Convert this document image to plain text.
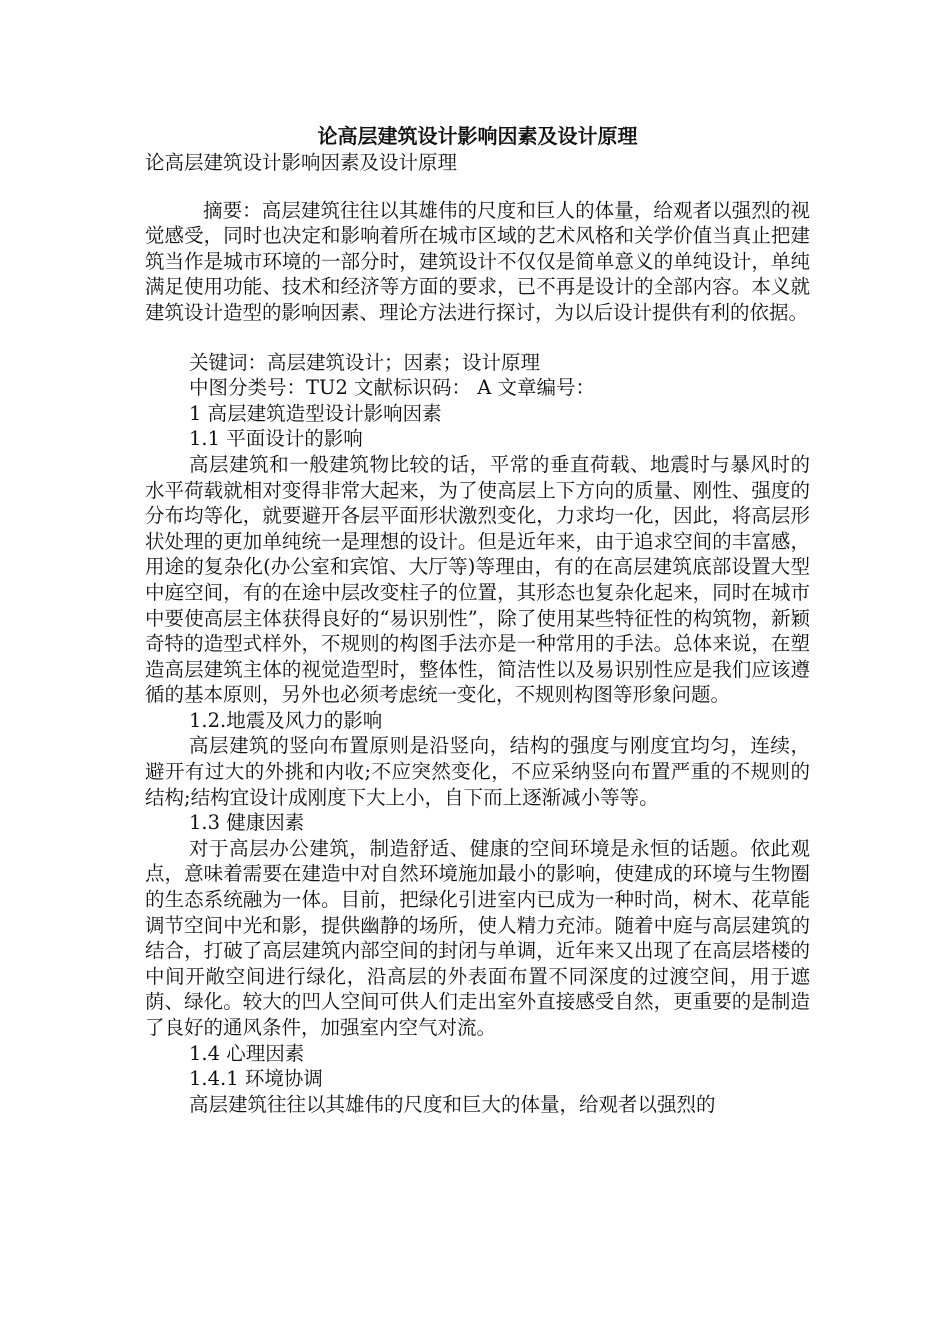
论高层建筑设计影响因素及设计原理

论高层建筑设计影响因素及设计原理

摘要：高层建筑往往以其雄伟的尺度和巨人的体量，给观者以强烈的视觉感受，同时也决定和影响着所在城市区域的艺术风格和关学价值当真止把建筑当作是城市环境的一部分时，建筑设计不仅仅是简单意义的单纯设计，单纯满足使用功能、技术和经济等方面的要求，已不再是设计的全部内容。本义就建筑设计造型的影响因素、理论方法进行探讨，为以后设计提供有利的依据。

关键词：高层建筑设计；因素；设计原理

中图分类号：TU2 文献标识码： A 文章编号：

1 高层建筑造型设计影响因素

1.1 平面设计的影响

高层建筑和一般建筑物比较的话，平常的垂直荷载、地震时与暴风时的水平荷载就相对变得非常大起来，为了使高层上下方向的质量、刚性、强度的分布均等化，就要避开各层平面形状激烈变化，力求均一化，因此，将高层形状处理的更加单纯统一是理想的设计。但是近年来，由于追求空间的丰富感，用途的复杂化(办公室和宾馆、大厅等)等理由，有的在高层建筑底部设置大型中庭空间，有的在途中层改变柱子的位置，其形态也复杂化起来，同时在城市中要使高层主体获得良好的“易识别性”，除了使用某些特征性的构筑物，新颖奇特的造型式样外，不规则的构图手法亦是一种常用的手法。总体来说，在塑造高层建筑主体的视觉造型时，整体性，简洁性以及易识别性应是我们应该遵循的基本原则，另外也必须考虑统一变化，不规则构图等形象问题。

1.2.地震及风力的影响

高层建筑的竖向布置原则是沿竖向，结构的强度与刚度宜均匀，连续，避开有过大的外挑和内收;不应突然变化，不应采纳竖向布置严重的不规则的结构;结构宜设计成刚度下大上小，自下而上逐渐减小等等。

1.3 健康因素

对于高层办公建筑，制造舒适、健康的空间环境是永恒的话题。依此观点，意味着需要在建造中对自然环境施加最小的影响，使建成的环境与生物圈的生态系统融为一体。目前，把绿化引进室内已成为一种时尚，树木、花草能调节空间中光和影，提供幽静的场所，使人精力充沛。随着中庭与高层建筑的结合，打破了高层建筑内部空间的封闭与单调，近年来又出现了在高层塔楼的中间开敞空间进行绿化，沿高层的外表面布置不同深度的过渡空间，用于遮荫、绿化。较大的凹人空间可供人们走出室外直接感受自然，更重要的是制造了良好的通风条件，加强室内空气对流。

1.4 心理因素

1.4.1 环境协调

高层建筑往往以其雄伟的尺度和巨大的体量，给观者以强烈的
